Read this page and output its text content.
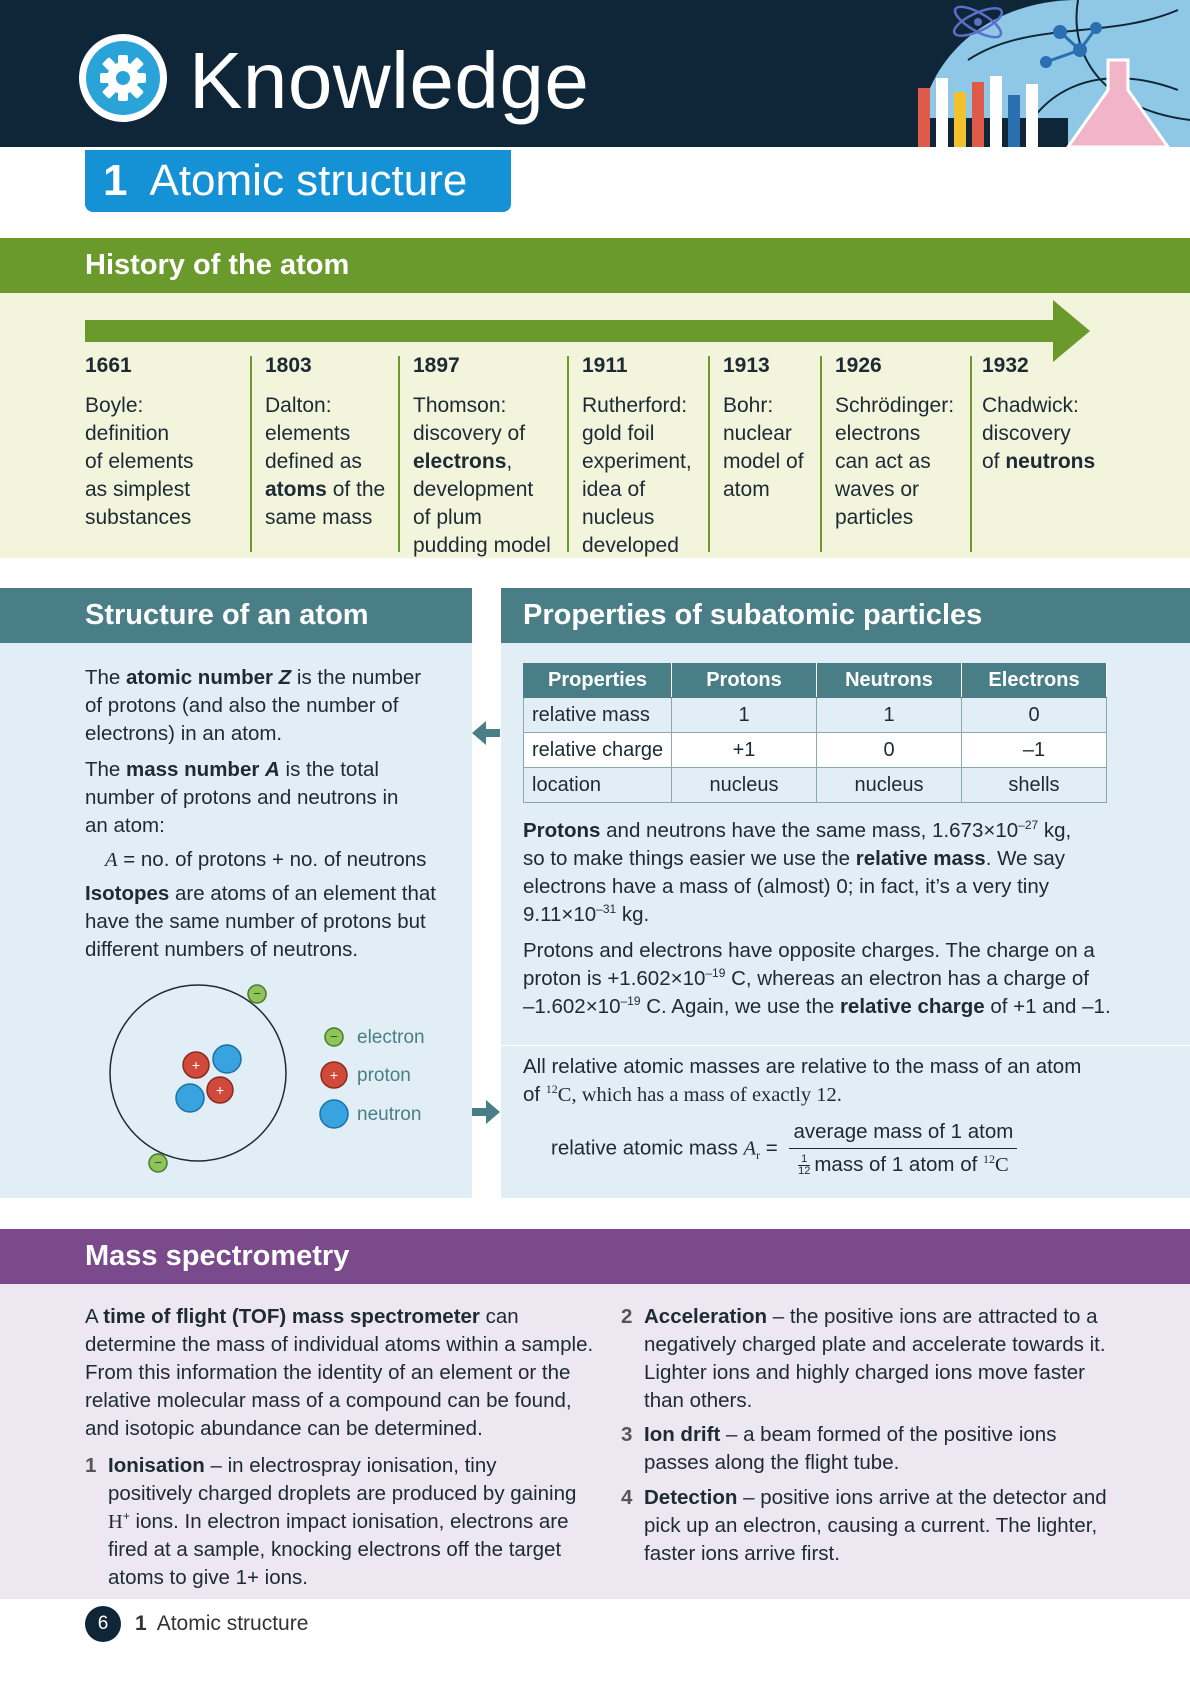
Knowledge
1 Atomic structure
History of the atom
1661
Boyle:
definition
of elements
as simplest
substances
1803
Dalton:
elements
defined as
atoms of the
same mass
1897
Thomson:
discovery of
electrons,
development
of plum
pudding model
1911
Rutherford:
gold foil
experiment,
idea of
nucleus
developed
1913
Bohr:
nuclear
model of
atom
1926
Schrödinger:
electrons
can act as
waves or
particles
1932
Chadwick:
discovery
of neutrons
Structure of an atom
The atomic number Z is the number
of protons (and also the number of
electrons) in an atom.
The mass number A is the total
number of protons and neutrons in
an atom:
A = no. of protons + no. of neutrons
Isotopes are atoms of an element that
have the same number of protons but
different numbers of neutrons.
+
+
−
−
− electron
+ proton
neutron
Properties of subatomic particles
Properties	Protons	Neutrons	Electrons
relative mass	1	1	0
relative charge	+1	0	–1
location	nucleus	nucleus	shells
Protons and neutrons have the same mass, $1.673\times 10^{-27}$ kg,
so to make things easier we use the relative mass. We say
electrons have a mass of (almost) 0; in fact, it’s a very tiny
$9.11\times 10^{-31}$ kg.
Protons and electrons have opposite charges. The charge on a
proton is $+1.602\times 10^{-19}$ C, whereas an electron has a charge of
$-1.602\times 10^{-19}$ C. Again, we use the relative charge of +1 and –1.
All relative atomic masses are relative to the mass of an atom
of $^{12}$C, which has a mass of exactly 12.
relative atomic mass $A_r = \frac{\text{average mass of 1 atom}}{\frac{1}{12} mass of 1 atom of ^{12}C}$
Mass spectrometry
A time of flight (TOF) mass spectrometer can
determine the mass of individual atoms within a sample.
From this information the identity of an element or the
relative molecular mass of a compound can be found,
and isotopic abundance can be determined.
1 Ionisation – in electrospray ionisation, tiny
positively charged droplets are produced by gaining
H+ ions. In electron impact ionisation, electrons are
fired at a sample, knocking electrons off the target
atoms to give 1+ ions.
2 Acceleration – the positive ions are attracted to a
negatively charged plate and accelerate towards it.
Lighter ions and highly charged ions move faster
than others.
3 Ion drift – a beam formed of the positive ions
passes along the flight tube.
4 Detection – positive ions arrive at the detector and
pick up an electron, causing a current. The lighter,
faster ions arrive first.
6	1 Atomic structure
